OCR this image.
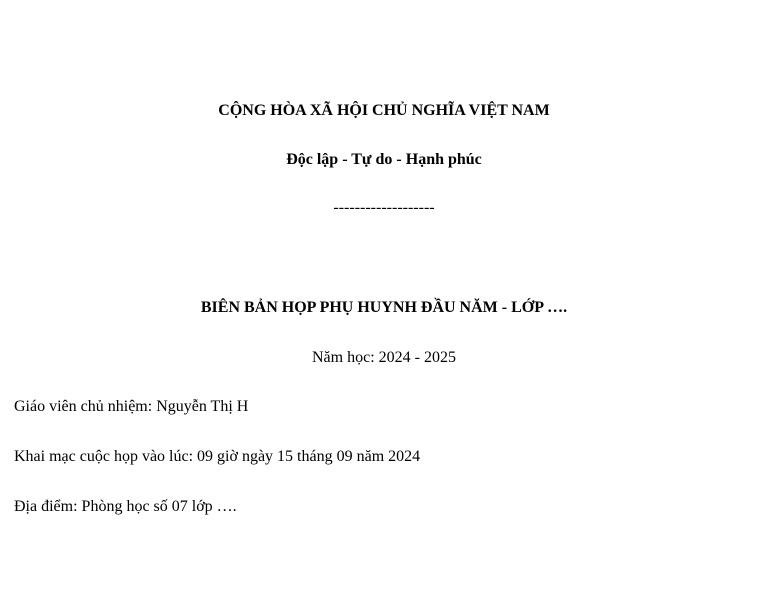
CỘNG HÒA XÃ HỘI CHỦ NGHĨA VIỆT NAM
Độc lập - Tự do - Hạnh phúc
-------------------
BIÊN BẢN HỌP PHỤ HUYNH ĐẦU NĂM - LỚP ….
Năm học: 2024 - 2025
Giáo viên chủ nhiệm: Nguyễn Thị H
Khai mạc cuộc họp vào lúc: 09 giờ ngày 15 tháng 09 năm 2024
Địa điểm: Phòng học số 07 lớp ….
